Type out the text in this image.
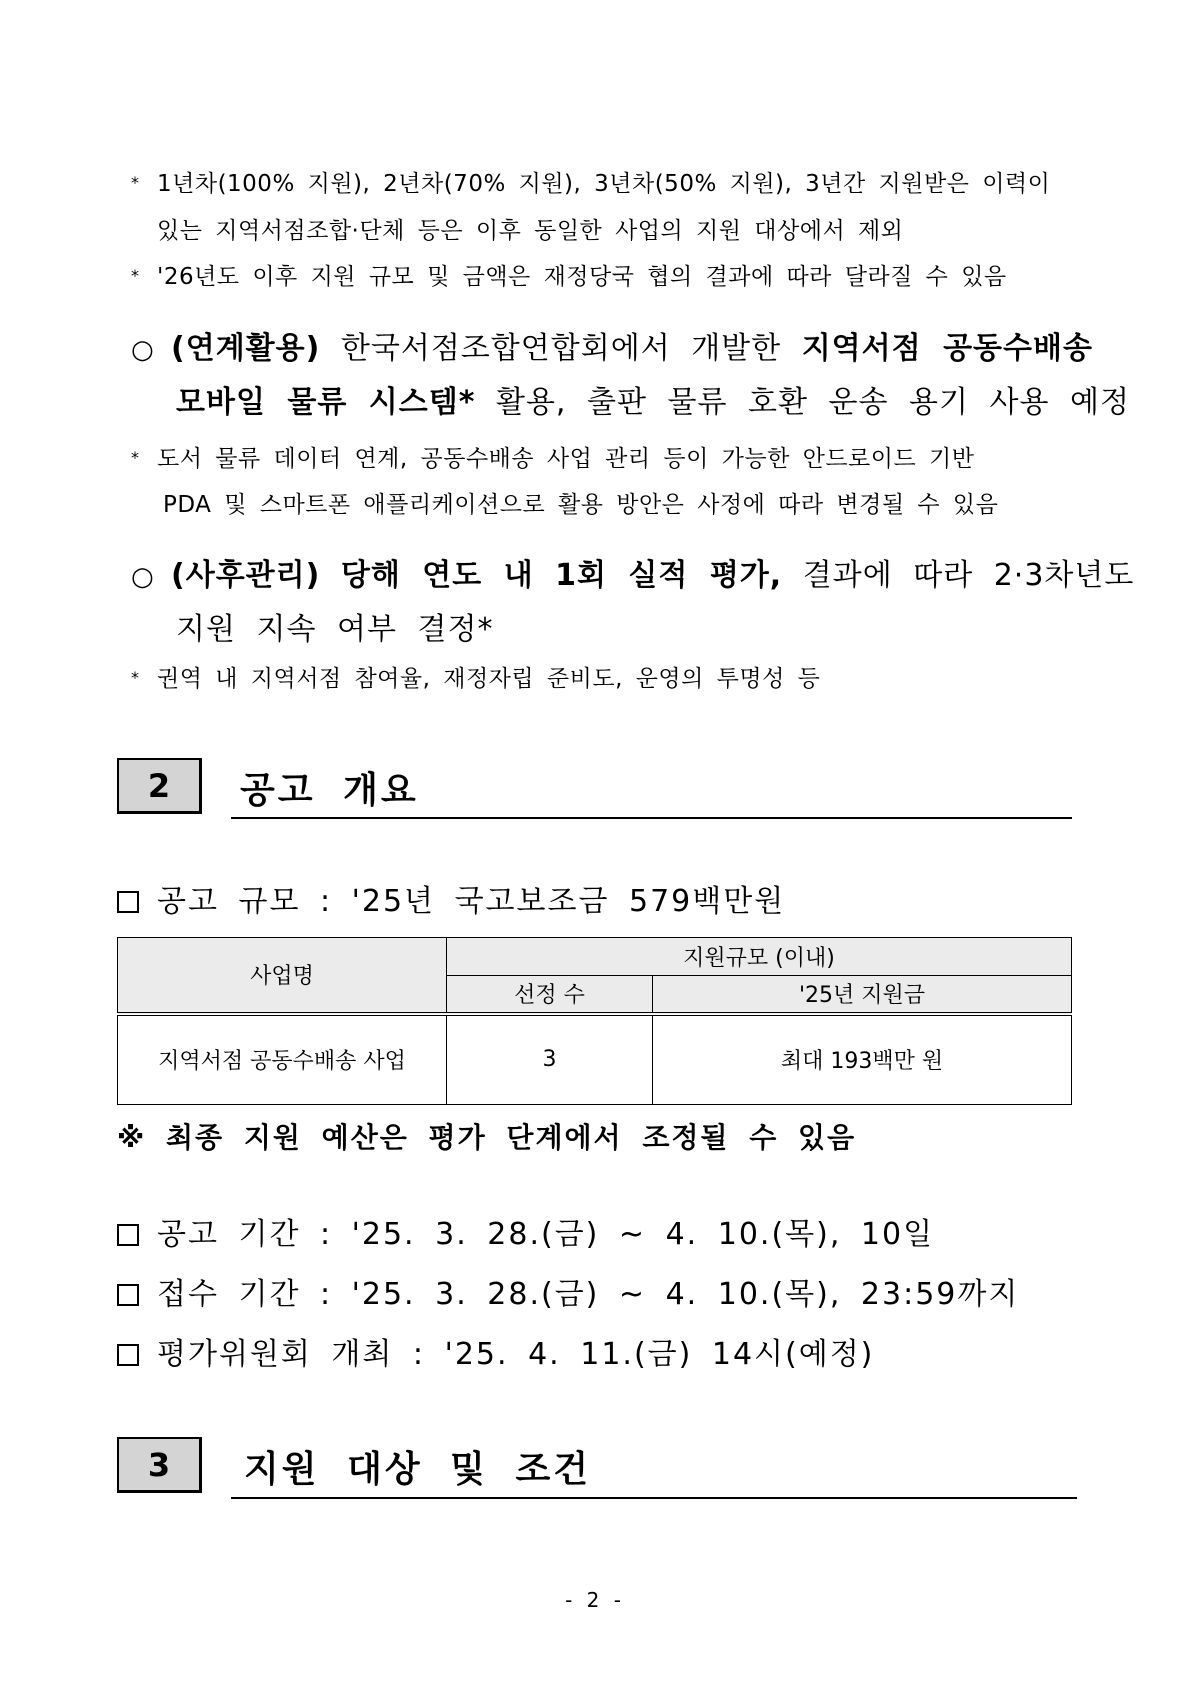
* 1년차(100% 지원), 2년차(70% 지원), 3년차(50% 지원), 3년간 지원받은 이력이
있는 지역서점조합·단체 등은 이후 동일한 사업의 지원 대상에서 제외
* '26년도 이후 지원 규모 및 금액은 재정당국 협의 결과에 따라 달라질 수 있음
○ (연계활용) 한국서점조합연합회에서 개발한 지역서점 공동수배송
모바일 물류 시스템* 활용, 출판 물류 호환 운송 용기 사용 예정
* 도서 물류 데이터 연계, 공동수배송 사업 관리 등이 가능한 안드로이드 기반
PDA 및 스마트폰 애플리케이션으로 활용 방안은 사정에 따라 변경될 수 있음
○ (사후관리) 당해 연도 내 1회 실적 평가, 결과에 따라 2·3차년도
지원 지속 여부 결정*
* 권역 내 지역서점 참여율, 재정자립 준비도, 운영의 투명성 등
2	공고 개요
공고 규모 : '25년 국고보조금 579백만원
사업명	지원규모 (이내)	
	선정 수	'25년 지원금
지역서점 공동수배송 사업	3	최대 193백만 원
※ 최종 지원 예산은 평가 단계에서 조정될 수 있음
공고 기간 : '25. 3. 28.(금) ~ 4. 10.(목), 10일
접수 기간 : '25. 3. 28.(금) ~ 4. 10.(목), 23:59까지
평가위원회 개최 : '25. 4. 11.(금) 14시(예정)
3	지원 대상 및 조건
- 2 -
